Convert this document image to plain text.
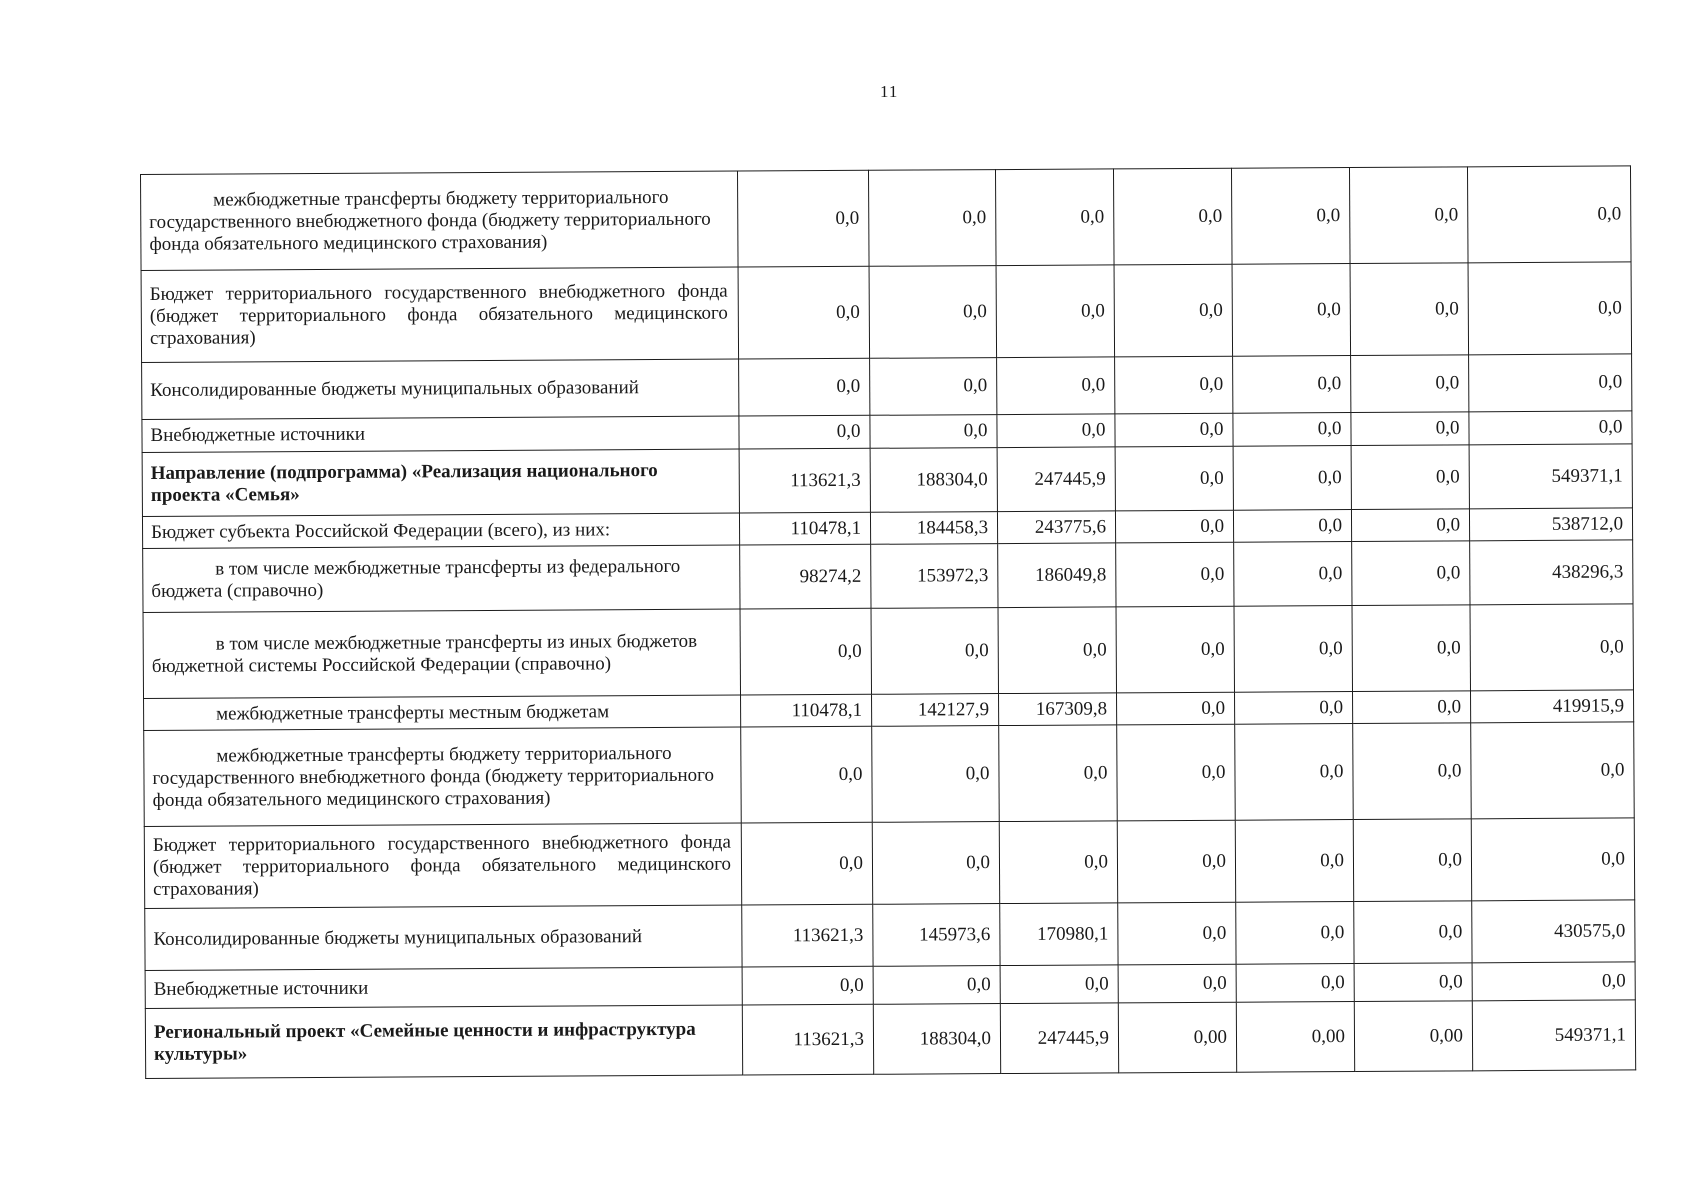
11
межбюджетные трансферты бюджету территориального государственного внебюджетного фонда (бюджету территориального фонда обязательного медицинского страхования)	0,0	0,0	0,0	0,0	0,0	0,0	0,0
Бюджет территориального государственного внебюджетного фонда (бюджет территориального фонда обязательного медицинского страхования)	0,0	0,0	0,0	0,0	0,0	0,0	0,0
Консолидированные бюджеты муниципальных образований	0,0	0,0	0,0	0,0	0,0	0,0	0,0
Внебюджетные источники	0,0	0,0	0,0	0,0	0,0	0,0	0,0
Направление (подпрограмма) «Реализация национального проекта «Семья»	113621,3	188304,0	247445,9	0,0	0,0	0,0	549371,1
Бюджет субъекта Российской Федерации (всего), из них:	110478,1	184458,3	243775,6	0,0	0,0	0,0	538712,0
в том числе межбюджетные трансферты из федерального бюджета (справочно)	98274,2	153972,3	186049,8	0,0	0,0	0,0	438296,3
в том числе межбюджетные трансферты из иных бюджетов бюджетной системы Российской Федерации (справочно)	0,0	0,0	0,0	0,0	0,0	0,0	0,0
межбюджетные трансферты местным бюджетам	110478,1	142127,9	167309,8	0,0	0,0	0,0	419915,9
межбюджетные трансферты бюджету территориального государственного внебюджетного фонда (бюджету территориального фонда обязательного медицинского страхования)	0,0	0,0	0,0	0,0	0,0	0,0	0,0
Бюджет территориального государственного внебюджетного фонда (бюджет территориального фонда обязательного медицинского страхования)	0,0	0,0	0,0	0,0	0,0	0,0	0,0
Консолидированные бюджеты муниципальных образований	113621,3	145973,6	170980,1	0,0	0,0	0,0	430575,0
Внебюджетные источники	0,0	0,0	0,0	0,0	0,0	0,0	0,0
Региональный проект «Семейные ценности и инфраструктура культуры»	113621,3	188304,0	247445,9	0,00	0,00	0,00	549371,1
